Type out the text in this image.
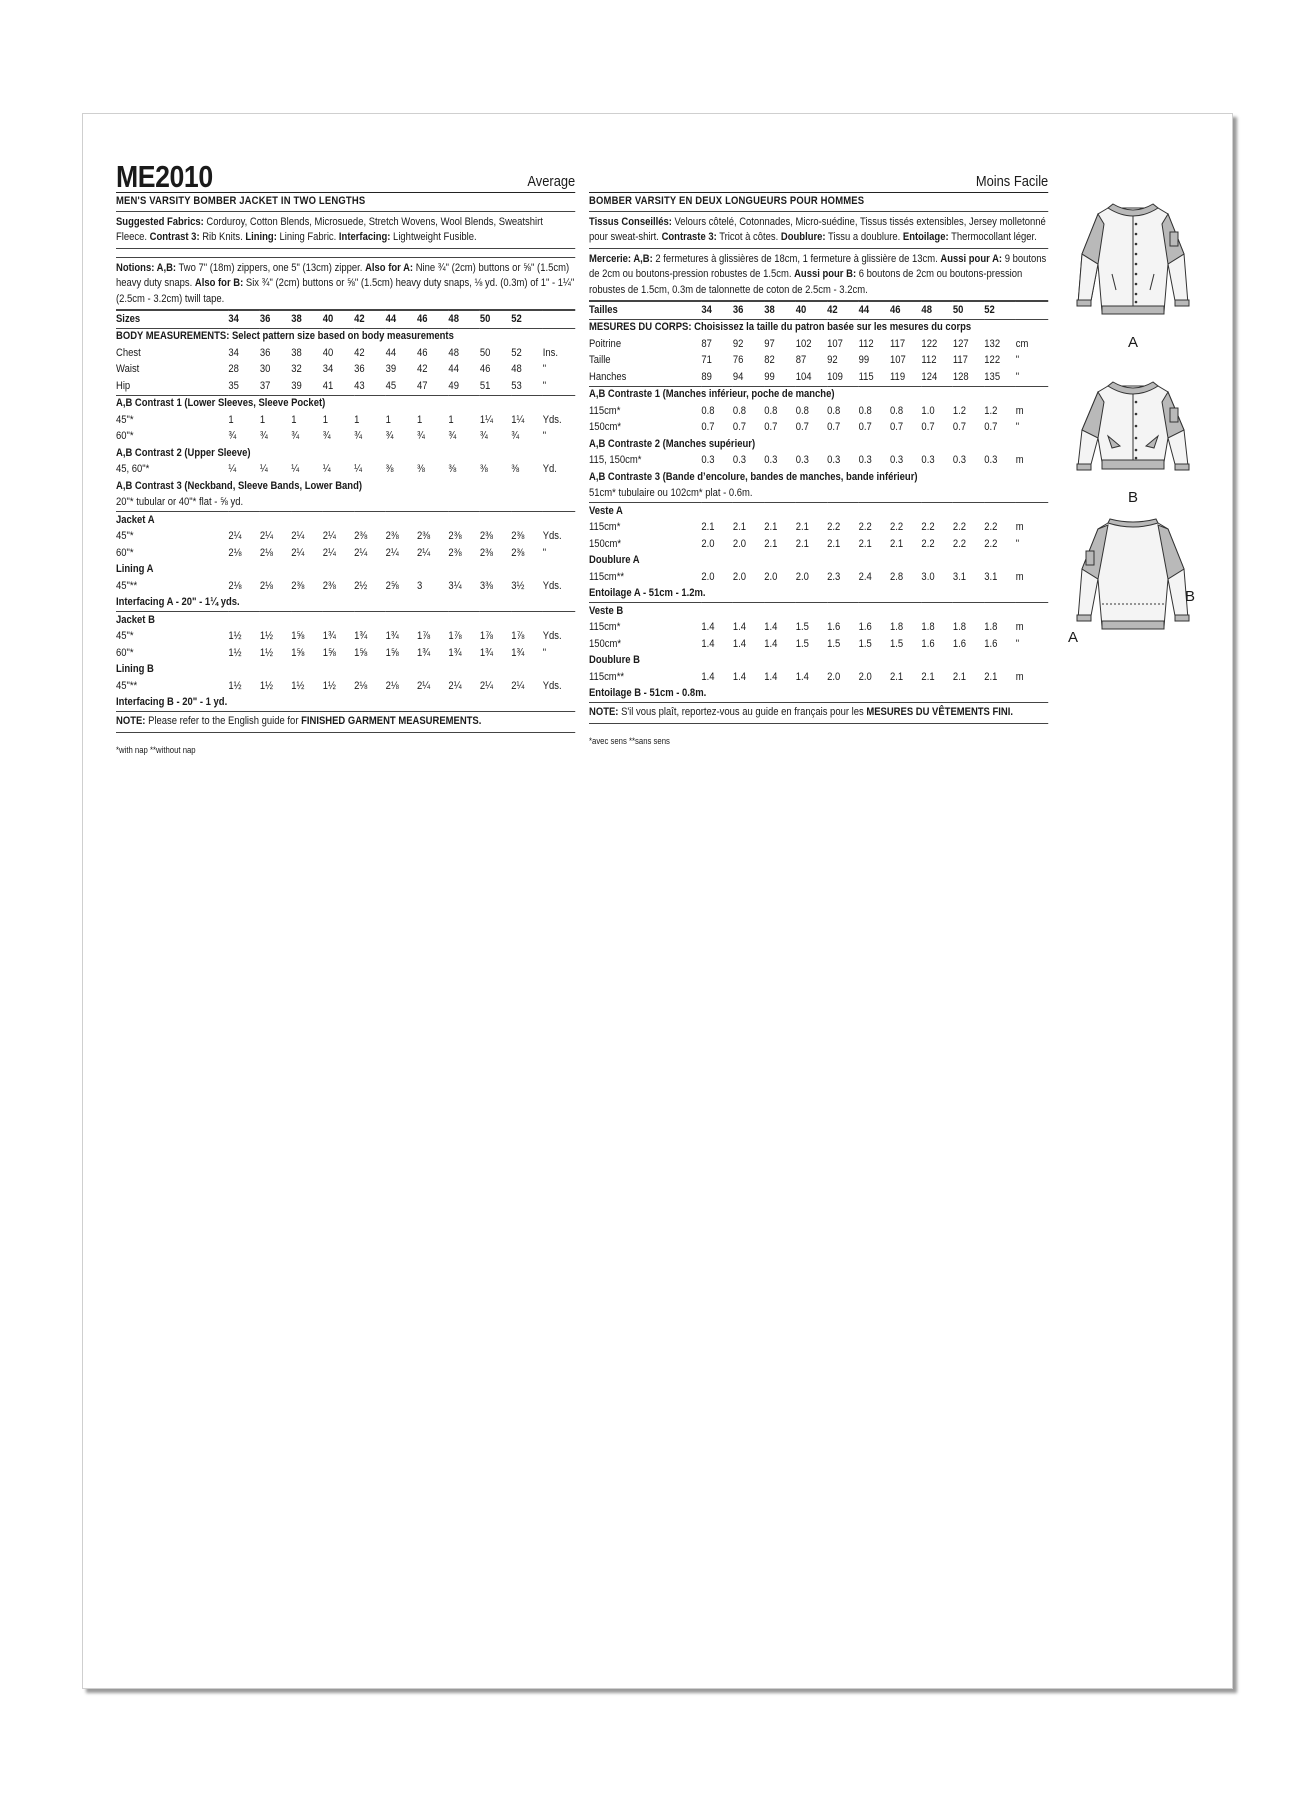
ME2010	Average
MEN'S VARSITY BOMBER JACKET IN TWO LENGTHS

Suggested Fabrics: Corduroy, Cotton Blends, Microsuede, Stretch Wovens, Wool Blends, Sweatshirt Fleece. Contrast 3: Rib Knits. Lining: Lining Fabric. Interfacing: Lightweight Fusible.

Notions: A,B: Two 7" (18m) zippers, one 5" (13cm) zipper. Also for A: Nine ¾" (2cm) buttons or ⅝" (1.5cm) heavy duty snaps. Also for B: Six ¾" (2cm) buttons or ⅝" (1.5cm) heavy duty snaps, ⅛ yd. (0.3m) of 1" - 1¼" (2.5cm - 3.2cm) twill tape.

Sizes	34	36	38	40	42	44	46	48	50	52	
BODY MEASUREMENTS: Select pattern size based on body measurements											
Chest	34	36	38	40	42	44	46	48	50	52	Ins.
Waist	28	30	32	34	36	39	42	44	46	48	"
Hip	35	37	39	41	43	45	47	49	51	53	"
A,B Contrast 1 (Lower Sleeves, Sleeve Pocket)											
45"*	1	1	1	1	1	1	1	1	1¼	1¼	Yds.
60"*	¾	¾	¾	¾	¾	¾	¾	¾	¾	¾	"
A,B Contrast 2 (Upper Sleeve)											
45, 60"*	¼	¼	¼	¼	¼	⅜	⅜	⅜	⅜	⅜	Yd.
A,B Contrast 3 (Neckband, Sleeve Bands, Lower Band)											
20"* tubular or 40"* flat - ⅝ yd.											
Jacket A											
45"*	2¼	2¼	2¼	2¼	2⅜	2⅜	2⅜	2⅜	2⅜	2⅜	Yds.
60"*	2⅛	2⅛	2¼	2¼	2¼	2¼	2¼	2⅜	2⅜	2⅜	"
Lining A											
45"**	2⅛	2⅛	2⅜	2⅜	2½	2⅝	3	3¼	3⅜	3½	Yds.
Interfacing A - 20" - 1¼ yds.											
Jacket B											
45"*	1½	1½	1⅝	1¾	1¾	1¾	1⅞	1⅞	1⅞	1⅞	Yds.
60"*	1½	1½	1⅝	1⅝	1⅝	1⅝	1¾	1¾	1¾	1¾	"
Lining B											
45"**	1½	1½	1½	1½	2⅛	2⅛	2¼	2¼	2¼	2¼	Yds.
Interfacing B - 20" - 1 yd.											
NOTE: Please refer to the English guide for FINISHED GARMENT MEASUREMENTS.
*with nap **without nap
Moins Facile
BOMBER VARSITY EN DEUX LONGUEURS POUR HOMMES

Tissus Conseillés: Velours côtelé, Cotonnades, Micro-suédine, Tissus tissés extensibles, Jersey molletonné pour sweat-shirt. Contraste 3: Tricot à côtes. Doublure: Tissu a doublure. Entoilage: Thermocollant léger.

Mercerie: A,B: 2 fermetures à glissières de 18cm, 1 fermeture à glissière de 13cm. Aussi pour A: 9 boutons de 2cm ou boutons-pression robustes de 1.5cm. Aussi pour B: 6 boutons de 2cm ou boutons-pression robustes de 1.5cm, 0.3m de talonnette de coton de 2.5cm - 3.2cm.

Tailles	34	36	38	40	42	44	46	48	50	52	
MESURES DU CORPS: Choisissez la taille du patron basée sur les mesures du corps											
Poitrine	87	92	97	102	107	112	117	122	127	132	cm
Taille	71	76	82	87	92	99	107	112	117	122	"
Hanches	89	94	99	104	109	115	119	124	128	135	"
A,B Contraste 1 (Manches inférieur, poche de manche)											
115cm*	0.8	0.8	0.8	0.8	0.8	0.8	0.8	1.0	1.2	1.2	m
150cm*	0.7	0.7	0.7	0.7	0.7	0.7	0.7	0.7	0.7	0.7	"
A,B Contraste 2 (Manches supérieur)											
115, 150cm*	0.3	0.3	0.3	0.3	0.3	0.3	0.3	0.3	0.3	0.3	m
A,B Contraste 3 (Bande d’encolure, bandes de manches, bande inférieur)											
51cm* tubulaire ou 102cm* plat - 0.6m.											
Veste A											
115cm*	2.1	2.1	2.1	2.1	2.2	2.2	2.2	2.2	2.2	2.2	m
150cm*	2.0	2.0	2.1	2.1	2.1	2.1	2.1	2.2	2.2	2.2	"
Doublure A											
115cm**	2.0	2.0	2.0	2.0	2.3	2.4	2.8	3.0	3.1	3.1	m
Entoilage A - 51cm - 1.2m.											
Veste B											
115cm*	1.4	1.4	1.4	1.5	1.6	1.6	1.8	1.8	1.8	1.8	m
150cm*	1.4	1.4	1.4	1.5	1.5	1.5	1.5	1.6	1.6	1.6	"
Doublure B											
115cm**	1.4	1.4	1.4	1.4	2.0	2.0	2.1	2.1	2.1	2.1	m
Entoilage B - 51cm - 0.8m.											
NOTE: S'il vous plaît, reportez-vous au guide en français pour les MESURES DU VÊTEMENTS FINI.
*avec sens **sans sens
A
B
B
A
